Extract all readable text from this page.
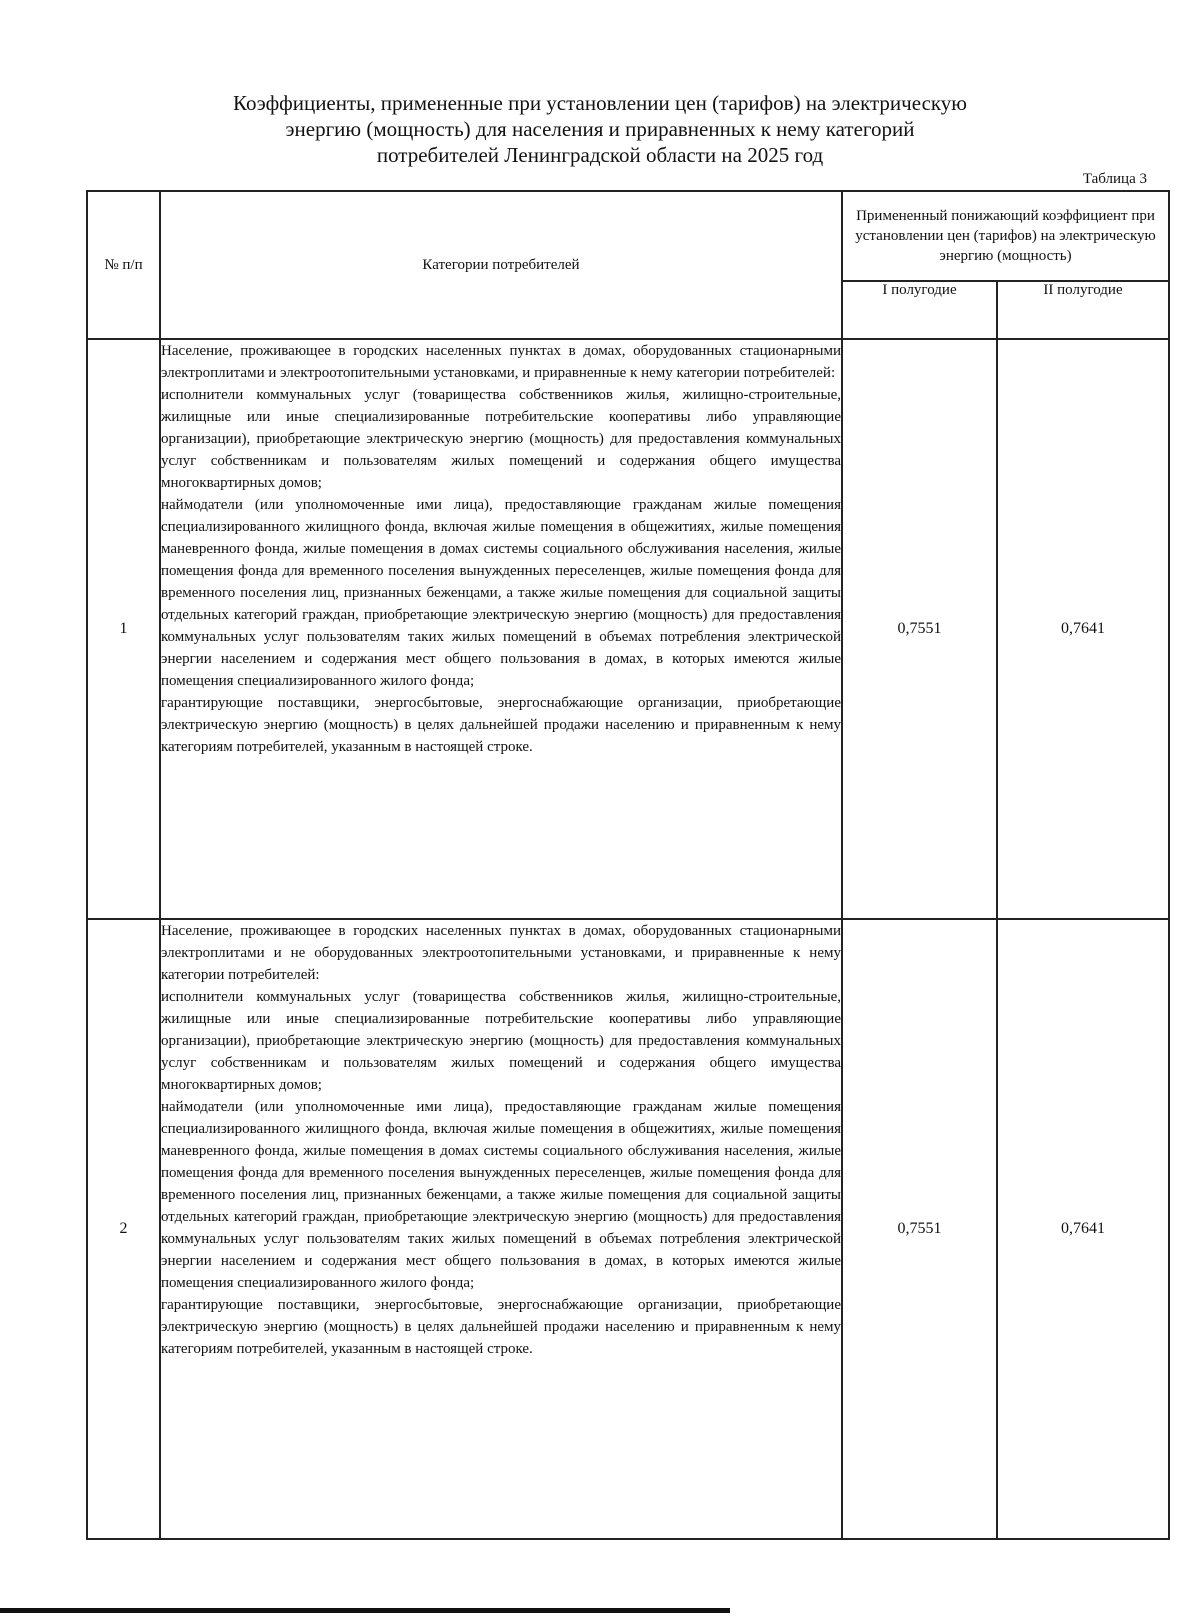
Коэффициенты, примененные при установлении цен (тарифов) на электрическую
энергию (мощность) для населения и приравненных к нему категорий
потребителей Ленинградской области на 2025 год
Таблица 3
№ п/п	Категории потребителей	Примененный понижающий коэффициент при установлении цен (тарифов) на электрическую энергию (мощность)	
		I полугодие	II полугодие
1	Население, проживающее в городских населенных пунктах в домах, оборудованных стационарными электроплитами и электроотопительными установками, и приравненные к нему категории потребителей:

исполнители коммунальных услуг (товарищества собственников жилья, жилищно-строительные, жилищные или иные специализированные потребительские кооперативы либо управляющие организации), приобретающие электрическую энергию (мощность) для предоставления коммунальных услуг собственникам и пользователям жилых помещений и содержания общего имущества многоквартирных домов;

наймодатели (или уполномоченные ими лица), предоставляющие гражданам жилые помещения специализированного жилищного фонда, включая жилые помещения в общежитиях, жилые помещения маневренного фонда, жилые помещения в домах системы социального обслуживания населения, жилые помещения фонда для временного поселения вынужденных переселенцев, жилые помещения фонда для временного поселения лиц, признанных беженцами, а также жилые помещения для социальной защиты отдельных категорий граждан, приобретающие электрическую энергию (мощность) для предоставления коммунальных услуг пользователям таких жилых помещений в объемах потребления электрической энергии населением и содержания мест общего пользования в домах, в которых имеются жилые помещения специализированного жилого фонда;

гарантирующие поставщики, энергосбытовые, энергоснабжающие организации, приобретающие электрическую энергию (мощность) в целях дальнейшей продажи населению и приравненным к нему категориям потребителей, указанным в настоящей строке.	0,7551	0,7641
2	Население, проживающее в городских населенных пунктах в домах, оборудованных стационарными электроплитами и не оборудованных электроотопительными установками, и приравненные к нему категории потребителей:

исполнители коммунальных услуг (товарищества собственников жилья, жилищно-строительные, жилищные или иные специализированные потребительские кооперативы либо управляющие организации), приобретающие электрическую энергию (мощность) для предоставления коммунальных услуг собственникам и пользователям жилых помещений и содержания общего имущества многоквартирных домов;

наймодатели (или уполномоченные ими лица), предоставляющие гражданам жилые помещения специализированного жилищного фонда, включая жилые помещения в общежитиях, жилые помещения маневренного фонда, жилые помещения в домах системы социального обслуживания населения, жилые помещения фонда для временного поселения вынужденных переселенцев, жилые помещения фонда для временного поселения лиц, признанных беженцами, а также жилые помещения для социальной защиты отдельных категорий граждан, приобретающие электрическую энергию (мощность) для предоставления коммунальных услуг пользователям таких жилых помещений в объемах потребления электрической энергии населением и содержания мест общего пользования в домах, в которых имеются жилые помещения специализированного жилого фонда;

гарантирующие поставщики, энергосбытовые, энергоснабжающие организации, приобретающие электрическую энергию (мощность) в целях дальнейшей продажи населению и приравненным к нему категориям потребителей, указанным в настоящей строке.	0,7551	0,7641
